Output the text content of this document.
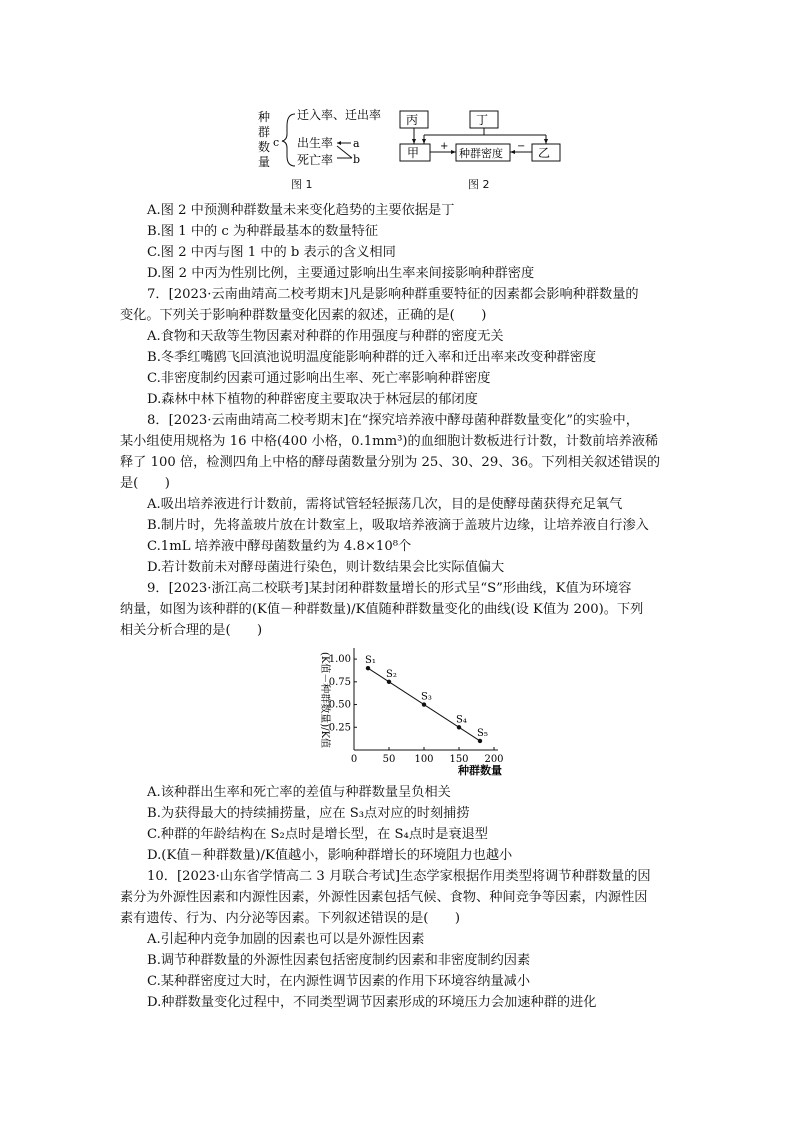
种
群
数
量
c
迁入率、迁出率
出生率
死亡率
a
b
图 1
丙	丁
甲	种群密度	乙
+	−
图 2
A.图 2 中预测种群数量未来变化趋势的主要依据是丁
B.图 1 中的 c 为种群最基本的数量特征
C.图 2 中丙与图 1 中的 b 表示的含义相同
D.图 2 中丙为性别比例，主要通过影响出生率来间接影响种群密度
7．[2023·云南曲靖高二校考期末]凡是影响种群重要特征的因素都会影响种群数量的
变化。下列关于影响种群数量变化因素的叙述，正确的是(　　)
A.食物和天敌等生物因素对种群的作用强度与种群的密度无关
B.冬季红嘴鸥飞回滇池说明温度能影响种群的迁入率和迁出率来改变种群密度
C.非密度制约因素可通过影响出生率、死亡率影响种群密度
D.森林中林下植物的种群密度主要取决于林冠层的郁闭度
8．[2023·云南曲靖高二校考期末]在“探究培养液中酵母菌种群数量变化”的实验中，
某小组使用规格为 16 中格(400 小格，0.1mm³)的血细胞计数板进行计数，计数前培养液稀
释了 100 倍，检测四角上中格的酵母菌数量分别为 25、30、29、36。下列相关叙述错误的
是(　　)
A.吸出培养液进行计数前，需将试管轻轻振荡几次，目的是使酵母菌获得充足氧气
B.制片时，先将盖玻片放在计数室上，吸取培养液滴于盖玻片边缘，让培养液自行渗入
C.1mL 培养液中酵母菌数量约为 4.8×10⁸个
D.若计数前未对酵母菌进行染色，则计数结果会比实际值偏大
9．[2023·浙江高二校联考]某封闭种群数量增长的形式呈“S”形曲线，K值为环境容
纳量，如图为该种群的(K值－种群数量)/K值随种群数量变化的曲线(设 K值为 200)。下列
相关分析合理的是(　　)
0	50 100 150 200
0.25
0.50
0.75
1.00
种群数量
(K值－种群数量)/K值	S₁
S₂
S₃
S₄
S₅
A.该种群出生率和死亡率的差值与种群数量呈负相关
B.为获得最大的持续捕捞量，应在 S₃点对应的时刻捕捞
C.种群的年龄结构在 S₂点时是增长型，在 S₄点时是衰退型
D.(K值－种群数量)/K值越小，影响种群增长的环境阻力也越小
10．[2023·山东省学情高二 3 月联合考试]生态学家根据作用类型将调节种群数量的因
素分为外源性因素和内源性因素，外源性因素包括气候、食物、种间竞争等因素，内源性因
素有遗传、行为、内分泌等因素。下列叙述错误的是(　　)
A.引起种内竞争加剧的因素也可以是外源性因素
B.调节种群数量的外源性因素包括密度制约因素和非密度制约因素
C.某种群密度过大时，在内源性调节因素的作用下环境容纳量减小
D.种群数量变化过程中，不同类型调节因素形成的环境压力会加速种群的进化
